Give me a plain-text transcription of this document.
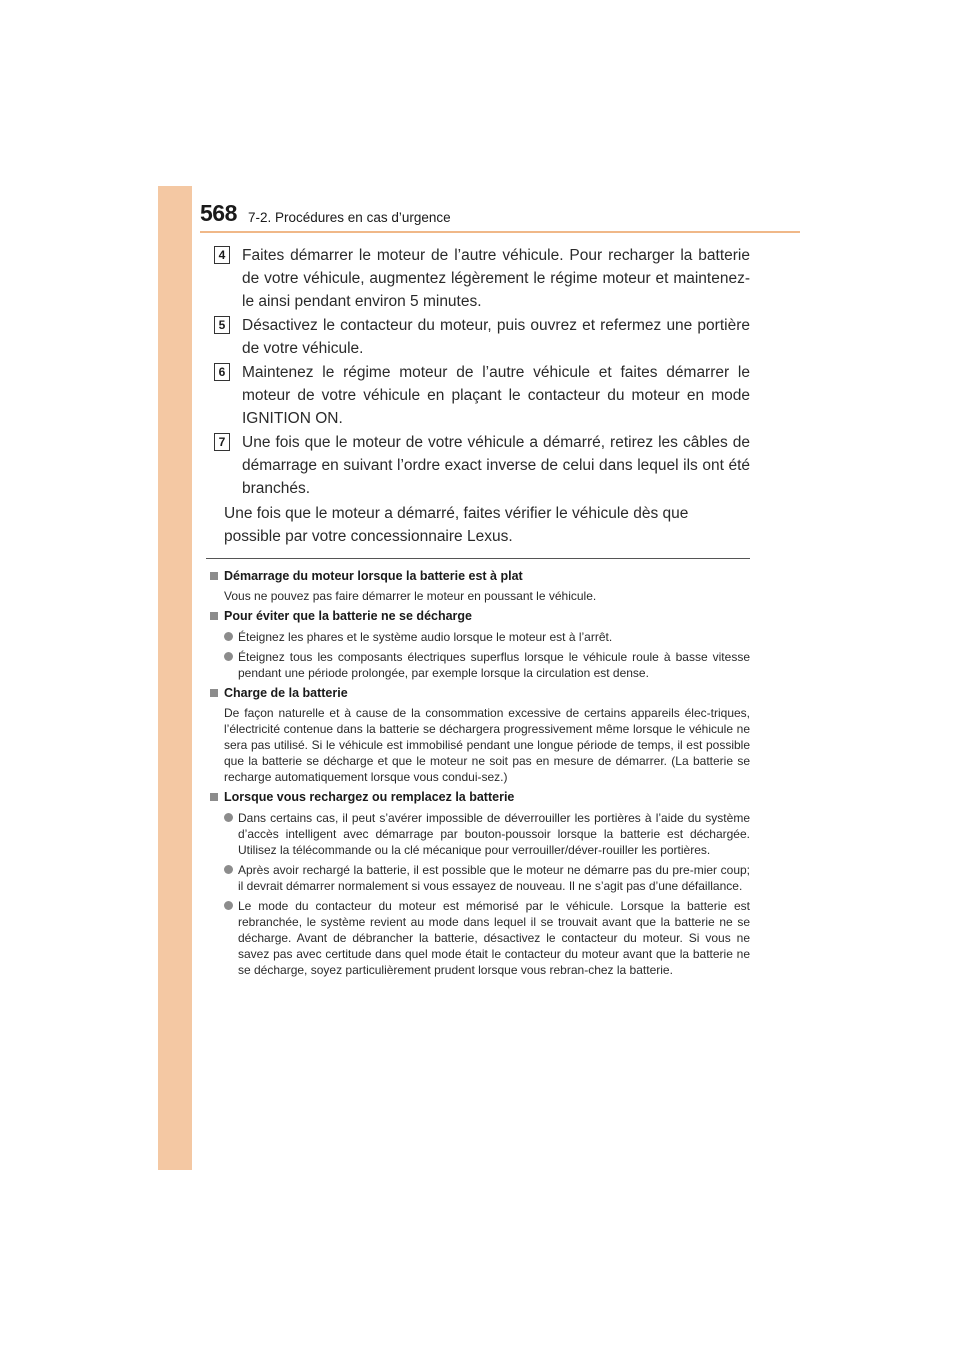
568 7-2. Procédures en cas d’urgence
4	Faites démarrer le moteur de l’autre véhicule. Pour recharger la batterie de votre véhicule, augmentez légèrement le régime moteur et maintenez-le ainsi pendant environ 5 minutes.
5	Désactivez le contacteur du moteur, puis ouvrez et refermez une portière de votre véhicule.
6	Maintenez le régime moteur de l’autre véhicule et faites démarrer le moteur de votre véhicule en plaçant le contacteur du moteur en mode IGNITION ON.
7	Une fois que le moteur de votre véhicule a démarré, retirez les câbles de démarrage en suivant l’ordre exact inverse de celui dans lequel ils ont été branchés.
Une fois que le moteur a démarré, faites vérifier le véhicule dès que possible par votre concessionnaire Lexus.
Démarrage du moteur lorsque la batterie est à plat
Vous ne pouvez pas faire démarrer le moteur en poussant le véhicule.
Pour éviter que la batterie ne se décharge
Éteignez les phares et le système audio lorsque le moteur est à l’arrêt.
Éteignez tous les composants électriques superflus lorsque le véhicule roule à basse vitesse pendant une période prolongée, par exemple lorsque la circulation est dense.
Charge de la batterie
De façon naturelle et à cause de la consommation excessive de certains appareils élec-triques, l’électricité contenue dans la batterie se déchargera progressivement même lorsque le véhicule ne sera pas utilisé. Si le véhicule est immobilisé pendant une longue période de temps, il est possible que la batterie se décharge et que le moteur ne soit pas en mesure de démarrer. (La batterie se recharge automatiquement lorsque vous condui-sez.)
Lorsque vous rechargez ou remplacez la batterie
Dans certains cas, il peut s’avérer impossible de déverrouiller les portières à l’aide du système d’accès intelligent avec démarrage par bouton-poussoir lorsque la batterie est déchargée. Utilisez la télécommande ou la clé mécanique pour verrouiller/déver-rouiller les portières.
Après avoir rechargé la batterie, il est possible que le moteur ne démarre pas du pre-mier coup; il devrait démarrer normalement si vous essayez de nouveau. Il ne s’agit pas d’une défaillance.
Le mode du contacteur du moteur est mémorisé par le véhicule. Lorsque la batterie est rebranchée, le système revient au mode dans lequel il se trouvait avant que la batterie ne se décharge. Avant de débrancher la batterie, désactivez le contacteur du moteur. Si vous ne savez pas avec certitude dans quel mode était le contacteur du moteur avant que la batterie ne se décharge, soyez particulièrement prudent lorsque vous rebran-chez la batterie.
